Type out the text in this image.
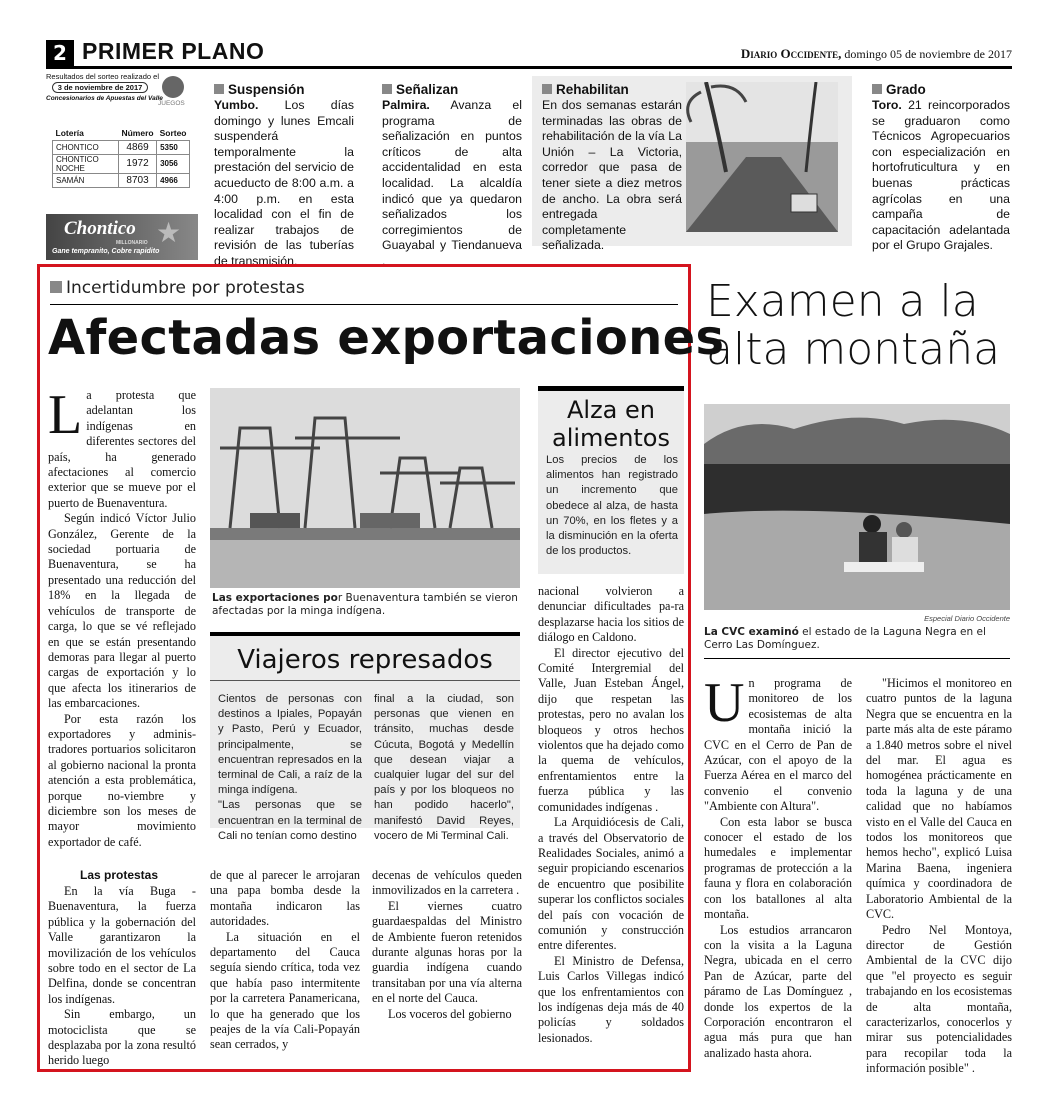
2 PRIMER PLANO	Diario Occidente, domingo 05 de noviembre de 2017
Resultados del sorteo realizado el
3 de noviembre de 2017
Concesionarios de Apuestas del Valle
JUEGOS
Lotería	Número	Sorteo
CHONTICO	4869	5350
CHONTICO NOCHE	1972	3056
SAMÁN	8703	4966
Chontico
MILLONARIO ★
Gane tempranito, Cobre rapidito
Suspensión

Yumbo. Los días domingo y lunes Emcali suspenderá temporalmente la prestación del servicio de acueducto de 8:00 a.m. a 4:00 p.m. en esta localidad con el fin de realizar trabajos de revisión de las tuberías de transmisión.

Señalizan

Palmira. Avanza el programa de señalización en puntos críticos de alta accidentalidad en esta localidad. La alcaldía indicó que ya quedaron señalizados los corregimientos de Guayabal y Tiendanueva .

Rehabilitan

En dos semanas estarán terminadas las obras de rehabilitación de la vía La Unión – La Victoria, corredor que pasa de tener siete a diez metros de ancho. La obra será entregada completamente señalizada.

Grado

Toro. 21 reincorporados se graduaron como Técnicos Agropecuarios con especialización en hortofruticultura y en buenas prácticas agrícolas en una campaña de capacitación adelantada por el Grupo Grajales.

Incertidumbre por protestas
Afectadas exportaciones
L a protesta que adelantan los indígenas en diferentes sectores del país, ha generado afectaciones al comercio exterior que se mueve por el puerto de Buenaventura.

Según indicó Víctor Julio González, Gerente de la sociedad portuaria de Buenaventura, se ha presentado una reducción del 18% en la llegada de vehículos de transporte de carga, lo que se vé reflejado en que se están presentando demoras para llegar al puerto cargas de exportación y lo que afecta los itinerarios de las embarcaciones.

Por esta razón los exportadores y adminis-tradores portuarios solicitaron al gobierno nacional la pronta atención a esta problemática, porque no-viembre y diciembre son los meses de mayor movimiento exportador de café.

Las protestas

En la vía Buga - Buenaventura, la fuerza pública y la gobernación del Valle garantizaron la movilización de los vehículos sobre todo en el sector de La Delfina, donde se concentran los indígenas.

Sin embargo, un motociclista que se desplazaba por la zona resultó herido luego

Las exportaciones por Buenaventura también se vieron afectadas por la minga indígena.
Viajeros represados

Cientos de personas con destinos a Ipiales, Popayán y Pasto, Perú y Ecuador, principalmente, se encuentran represados en la terminal de Cali, a raíz de la minga indígena.

"Las personas que se encuentran en la terminal de Cali no tenían como destino

final a la ciudad, son personas que vienen en tránsito, muchas desde Cúcuta, Bogotá y Medellín que desean viajar a cualquier lugar del sur del país y por los bloqueos no han podido hacerlo", manifestó David Reyes, vocero de Mi Terminal Cali.

de que al parecer le arrojaran una papa bomba desde la montaña indicaron las autoridades.

La situación en el departamento del Cauca seguía siendo crítica, toda vez que había paso intermitente por la carretera Panamericana, lo que ha generado que los peajes de la vía Cali-Popayán sean cerrados, y

decenas de vehículos queden inmovilizados en la carretera .

El viernes cuatro guardaespaldas del Ministro de Ambiente fueron retenidos durante algunas horas por la guardia indígena cuando transitaban por una vía alterna en el norte del Cauca.

Los voceros del gobierno

Alza en alimentos
Los precios de los alimentos han registrado un incremento que obedece al alza, de hasta un 70%, en los fletes y a la disminución en la oferta de los productos.

nacional volvieron a denunciar dificultades pa-ra desplazarse hacia los sitios de diálogo en Caldono.

El director ejecutivo del Comité Intergremial del Valle, Juan Esteban Ángel, dijo que respetan las protestas, pero no avalan los bloqueos y otros hechos violentos que ha dejado como la quema de vehículos, enfrentamientos entre la fuerza pública y las comunidades indígenas .

La Arquidiócesis de Cali, a través del Observatorio de Realidades Sociales, animó a seguir propiciando escenarios de encuentro que posibilite superar los conflictos sociales del país con vocación de comunión y construcción entre diferentes.

El Ministro de Defensa, Luis Carlos Villegas indicó que los enfrentamientos con los indígenas deja más de 40 policías y soldados lesionados.

Examen a la alta montaña
Especial Diario Occidente
La CVC examinó el estado de la Laguna Negra en el Cerro Las Domínguez.
U n programa de monitoreo de los ecosistemas de alta montaña inició la CVC en el Cerro de Pan de Azúcar, con el apoyo de la Fuerza Aérea en el marco del convenio el convenio "Ambiente con Altura".

Con esta labor se busca conocer el estado de los humedales e implementar programas de protección a la fauna y flora en colaboración con los batallones al alta montaña.

Los estudios arrancaron con la visita a la Laguna Negra, ubicada en el cerro Pan de Azúcar, parte del páramo de Las Domínguez , donde los expertos de la Corporación encontraron el agua más pura que han analizado hasta ahora.

"Hicimos el monitoreo en cuatro puntos de la laguna Negra que se encuentra en la parte más alta de este páramo a 1.840 metros sobre el nivel del mar. El agua es homogénea prácticamente en toda la laguna y de una calidad que no habíamos visto en el Valle del Cauca en todos los monitoreos que hemos hecho", explicó Luisa Marina Baena, ingeniera química y coordinadora de Laboratorio Ambiental de la CVC.

Pedro Nel Montoya, director de Gestión Ambiental de la CVC dijo que "el proyecto es seguir trabajando en los ecosistemas de alta montaña, caracterizarlos, conocerlos y mirar sus potencialidades para recopilar toda la información posible" .
